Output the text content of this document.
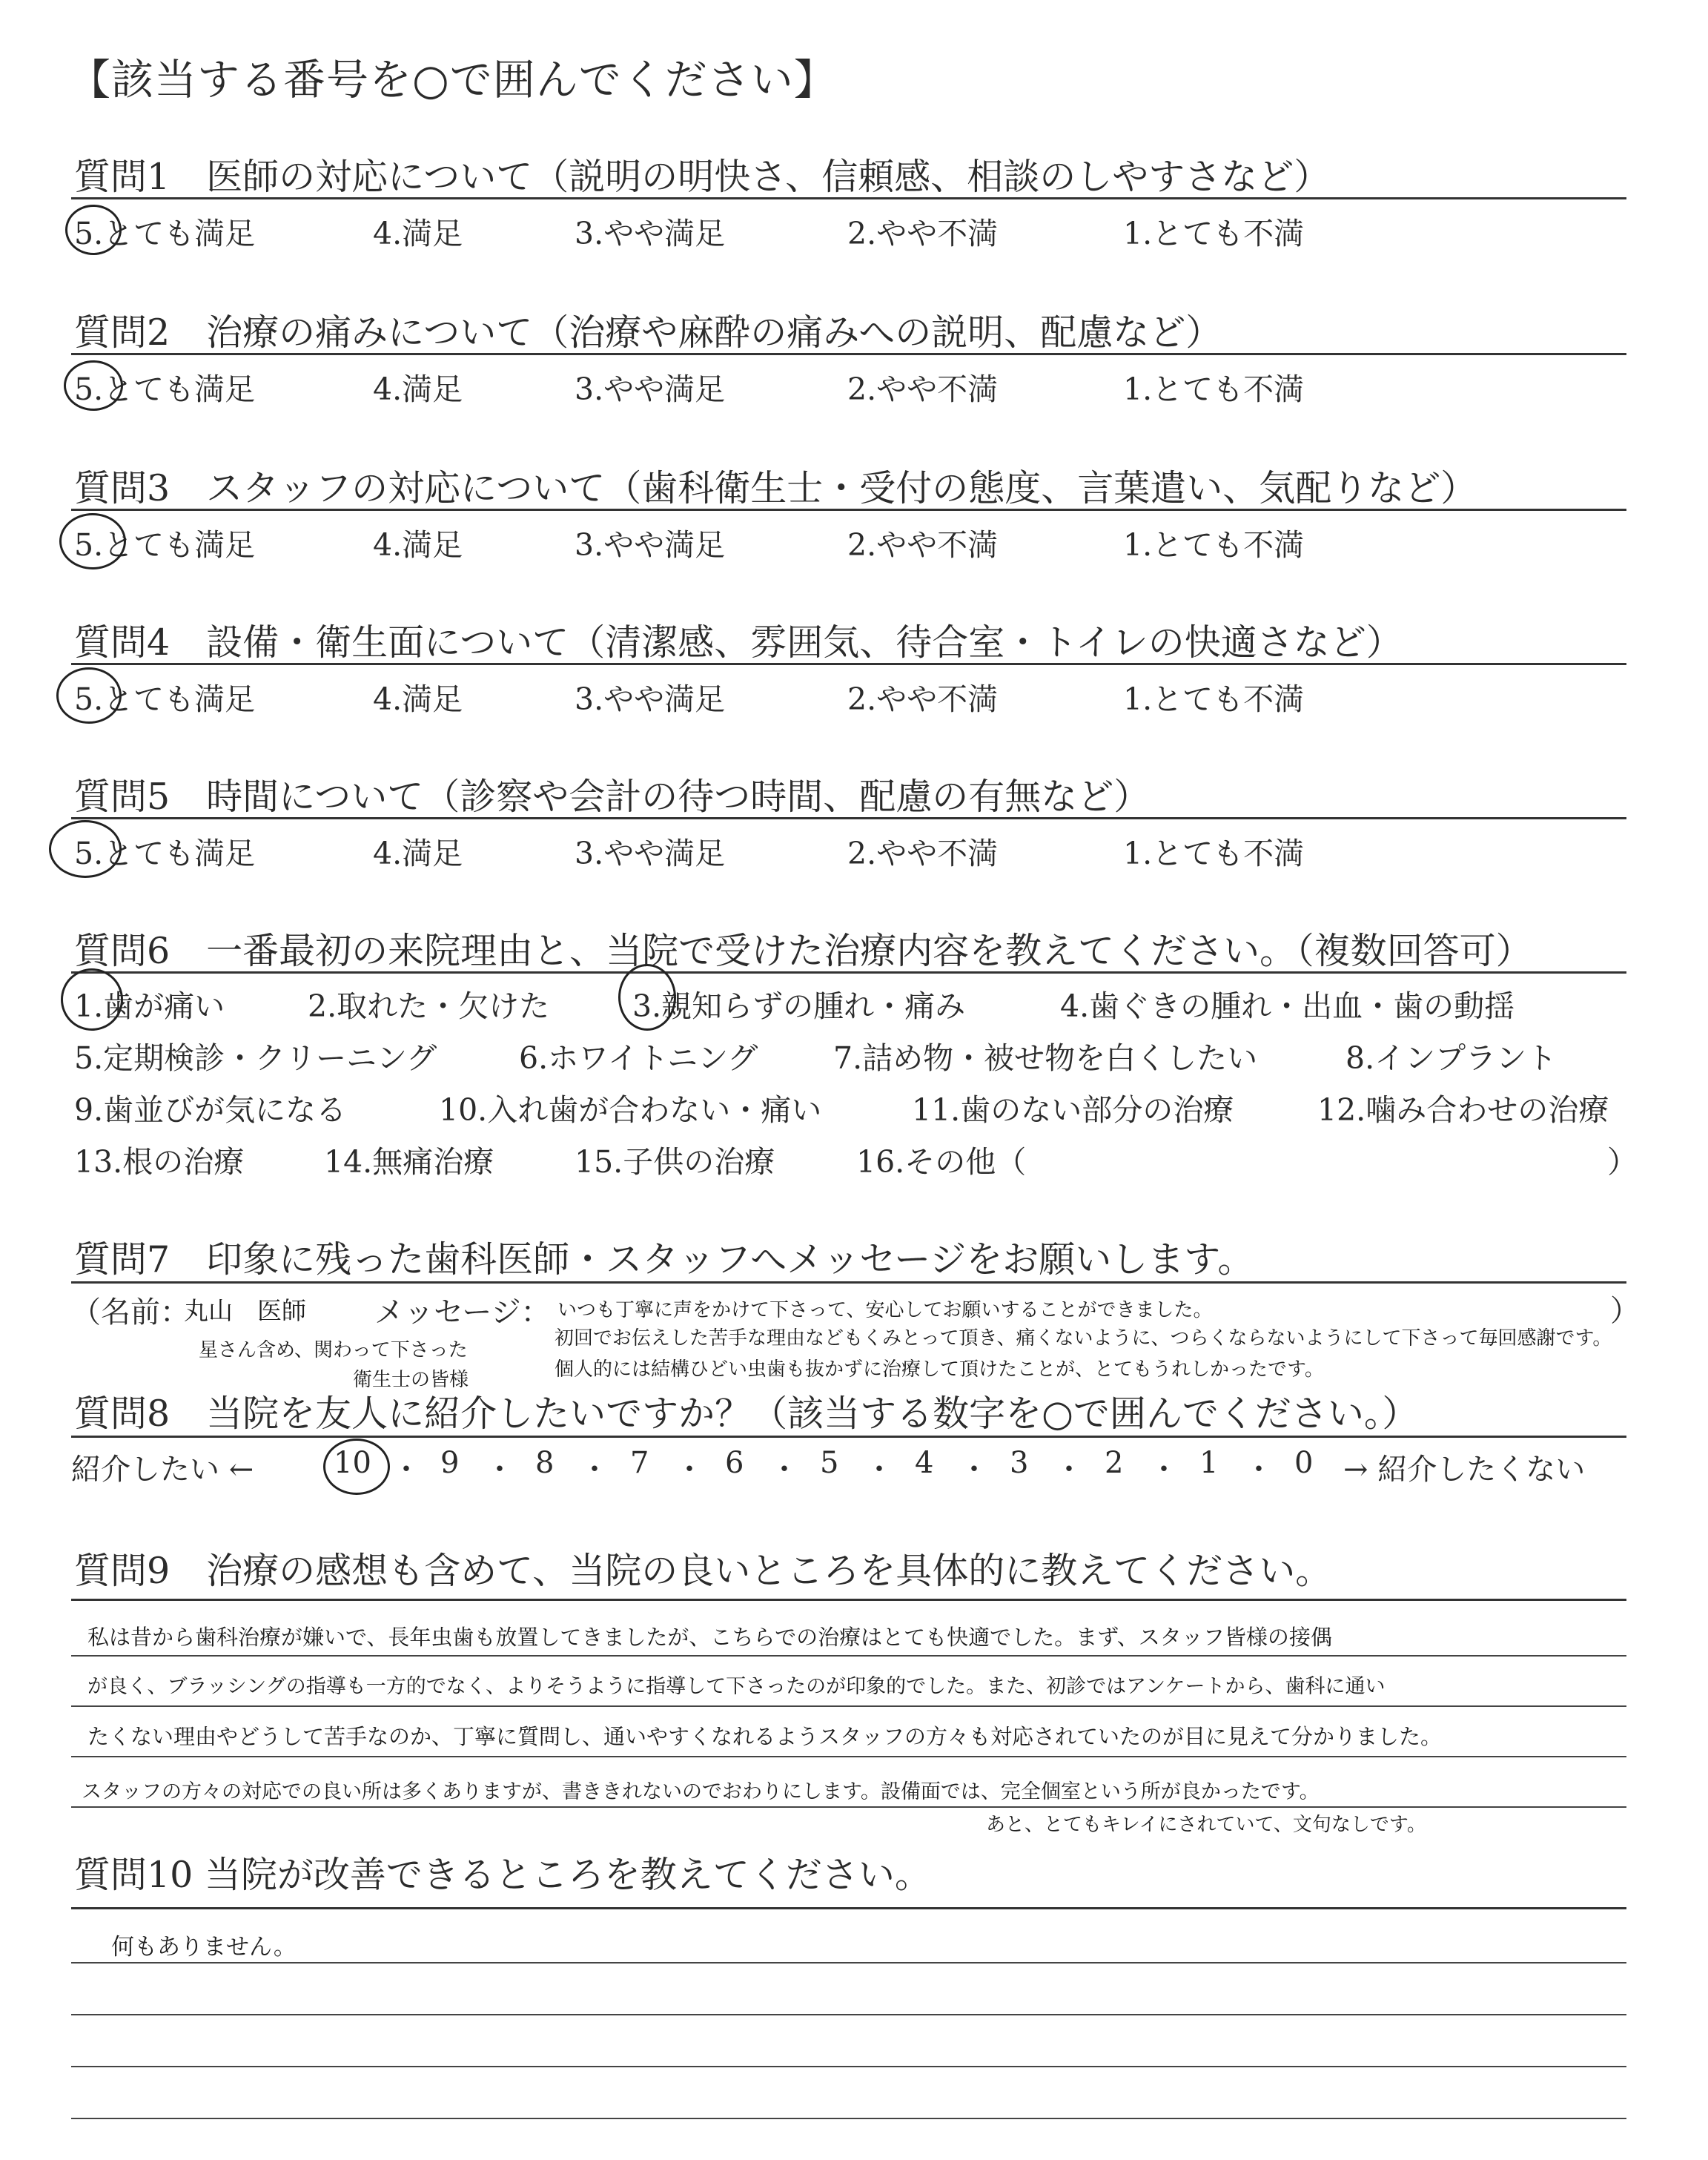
【該当する番号を○で囲んでください】
質問1　医師の対応について（説明の明快さ、信頼感、相談のしやすさなど）
5.とても満足	4.満足	3.やや満足	2.やや不満	1.とても不満
質問2　治療の痛みについて（治療や麻酔の痛みへの説明、配慮など）
5.とても満足	4.満足	3.やや満足	2.やや不満	1.とても不満
質問3　スタッフの対応について（歯科衛生士・受付の態度、言葉遣い、気配りなど）
5.とても満足	4.満足	3.やや満足	2.やや不満	1.とても不満
質問4　設備・衛生面について（清潔感、雰囲気、待合室・トイレの快適さなど）
5.とても満足	4.満足	3.やや満足	2.やや不満	1.とても不満
質問5　時間について（診察や会計の待つ時間、配慮の有無など）
5.とても満足	4.満足	3.やや満足	2.やや不満	1.とても不満
質問6　一番最初の来院理由と、当院で受けた治療内容を教えてください。（複数回答可）
1.歯が痛い	2.取れた・欠けた	3.親知らずの腫れ・痛み	4.歯ぐきの腫れ・出血・歯の動揺
5.定期検診・クリーニング	6.ホワイトニング 7.詰め物・被せ物を白くしたい	8.インプラント
9.歯並びが気になる	10.入れ歯が合わない・痛い	11.歯のない部分の治療	12.噛み合わせの治療
13.根の治療	14.無痛治療	15.子供の治療	16.その他（	）
質問7　印象に残った歯科医師・スタッフへメッセージをお願いします。
（名前：
丸山　医師
星さん含め、関わって下さった
衛生士の皆様
メッセージ： いつも丁寧に声をかけて下さって、安心してお願いすることができました。	）
初回でお伝えした苦手な理由などもくみとって頂き、痛くないように、つらくならないようにして下さって毎回感謝です。
個人的には結構ひどい虫歯も抜かずに治療して頂けたことが、とてもうれしかったです。
質問8　当院を友人に紹介したいですか？（該当する数字を○で囲んでください。）
紹介したい ←	10 ・ 9 ・ 8 ・ 7 ・ 6 ・ 5 ・ 4 ・ 3 ・ 2 ・ 1 ・ 0 → 紹介したくない
質問9　治療の感想も含めて、当院の良いところを具体的に教えてください。
私は昔から歯科治療が嫌いで、長年虫歯も放置してきましたが、こちらでの治療はとても快適でした。まず、スタッフ皆様の接偶
が良く、ブラッシングの指導も一方的でなく、よりそうように指導して下さったのが印象的でした。また、初診ではアンケートから、歯科に通い
たくない理由やどうして苦手なのか、丁寧に質問し、通いやすくなれるようスタッフの方々も対応されていたのが目に見えて分かりました。
スタッフの方々の対応での良い所は多くありますが、書ききれないのでおわりにします。設備面では、完全個室という所が良かったです。
あと、とてもキレイにされていて、文句なしです。
質問10 当院が改善できるところを教えてください。
何もありません。
